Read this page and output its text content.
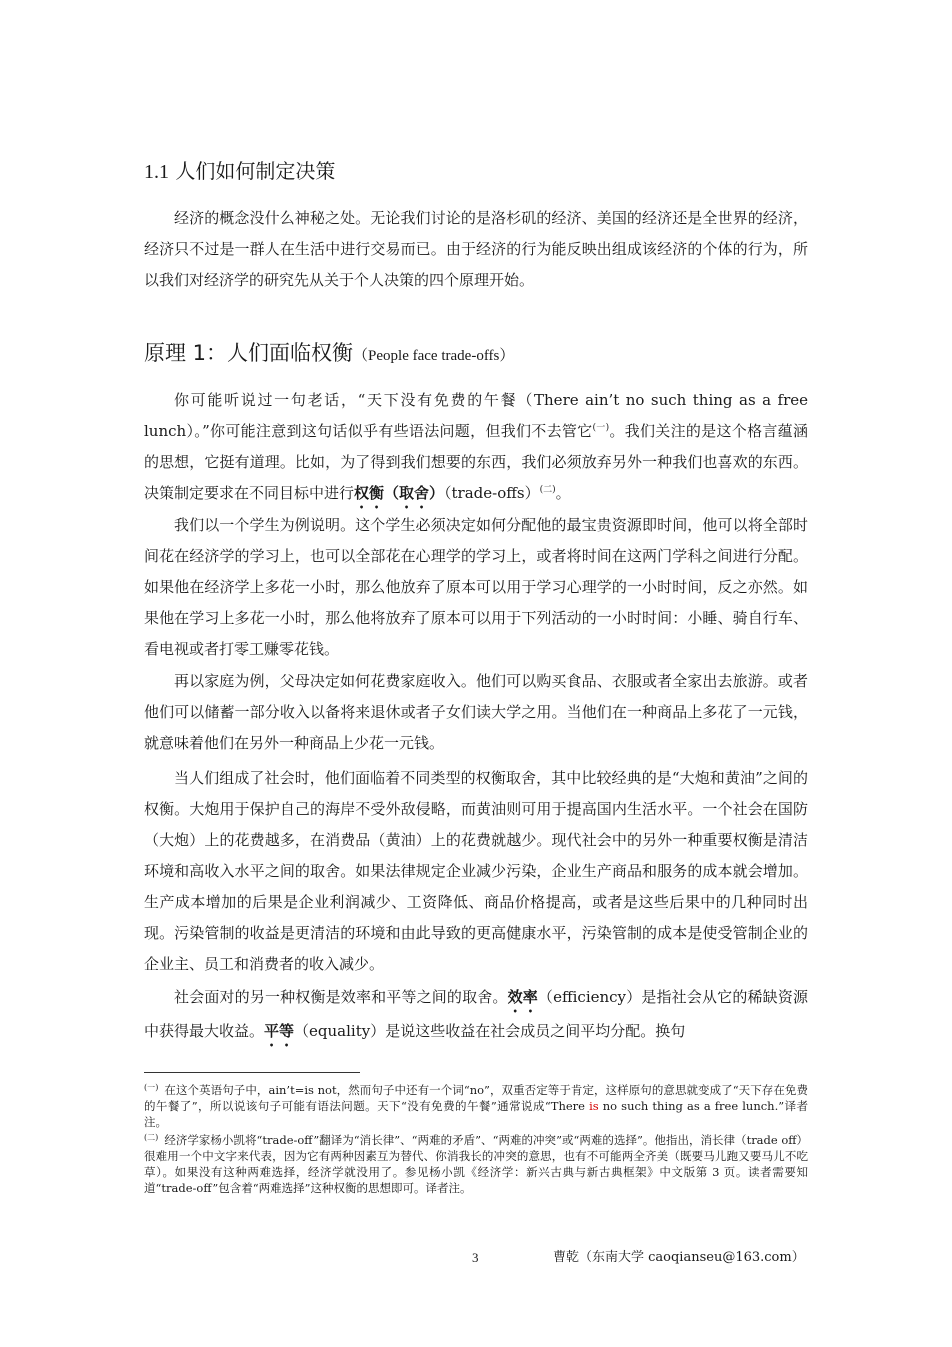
1.1 人们如何制定决策

经济的概念没什么神秘之处。无论我们讨论的是洛杉矶的经济、美国的经济还是全世界的经济，经济只不过是一群人在生活中进行交易而已。由于经济的行为能反映出组成该经济的个体的行为，所以我们对经济学的研究先从关于个人决策的四个原理开始。

原理 1：人们面临权衡（People face trade-offs）

你可能听说过一句老话，“天下没有免费的午餐（There ain’t no such thing as a free lunch）。”你可能注意到这句话似乎有些语法问题，但我们不去管它$^{(一)}$。我们关注的是这个格言蕴涵的思想，它挺有道理。比如，为了得到我们想要的东西，我们必须放弃另外一种我们也喜欢的东西。决策制定要求在不同目标中进行权衡（取舍）（trade-offs）$^{(二)}$。

我们以一个学生为例说明。这个学生必须决定如何分配他的最宝贵资源即时间，他可以将全部时间花在经济学的学习上，也可以全部花在心理学的学习上，或者将时间在这两门学科之间进行分配。如果他在经济学上多花一小时，那么他放弃了原本可以用于学习心理学的一小时时间，反之亦然。如果他在学习上多花一小时，那么他将放弃了原本可以用于下列活动的一小时时间：小睡、骑自行车、看电视或者打零工赚零花钱。

再以家庭为例，父母决定如何花费家庭收入。他们可以购买食品、衣服或者全家出去旅游。或者他们可以储蓄一部分收入以备将来退休或者子女们读大学之用。当他们在一种商品上多花了一元钱，就意味着他们在另外一种商品上少花一元钱。

当人们组成了社会时，他们面临着不同类型的权衡取舍，其中比较经典的是“大炮和黄油”之间的权衡。大炮用于保护自己的海岸不受外敌侵略，而黄油则可用于提高国内生活水平。一个社会在国防（大炮）上的花费越多，在消费品（黄油）上的花费就越少。现代社会中的另外一种重要权衡是清洁环境和高收入水平之间的取舍。如果法律规定企业减少污染，企业生产商品和服务的成本就会增加。生产成本增加的后果是企业利润减少、工资降低、商品价格提高，或者是这些后果中的几种同时出现。污染管制的收益是更清洁的环境和由此导致的更高健康水平，污染管制的成本是使受管制企业的企业主、员工和消费者的收入减少。

社会面对的另一种权衡是效率和平等之间的取舍。效率（efficiency）是指社会从它的稀缺资源中获得最大收益。平等（equality）是说这些收益在社会成员之间平均分配。换句

$^{(一)}$ 在这个英语句子中，ain’t=is not，然而句子中还有一个词“no”，双重否定等于肯定，这样原句的意思就变成了“天下存在免费的午餐了”，所以说该句子可能有语法问题。天下“没有免费的午餐”通常说成“There is no such thing as a free lunch.”译者注。

$^{(二)}$ 经济学家杨小凯将“trade-off”翻译为“消长律”、“两难的矛盾”、“两难的冲突”或“两难的选择”。他指出，消长律（trade off）很难用一个中文字来代表，因为它有两种因素互为替代、你消我长的冲突的意思，也有不可能两全齐美（既要马儿跑又要马儿不吃草）。如果没有这种两难选择，经济学就没用了。参见杨小凯《经济学：新兴古典与新古典框架》中文版第 3 页。读者需要知道“trade-off”包含着“两难选择”这种权衡的思想即可。译者注。

3	曹乾（东南大学 caoqianseu@163.com）
